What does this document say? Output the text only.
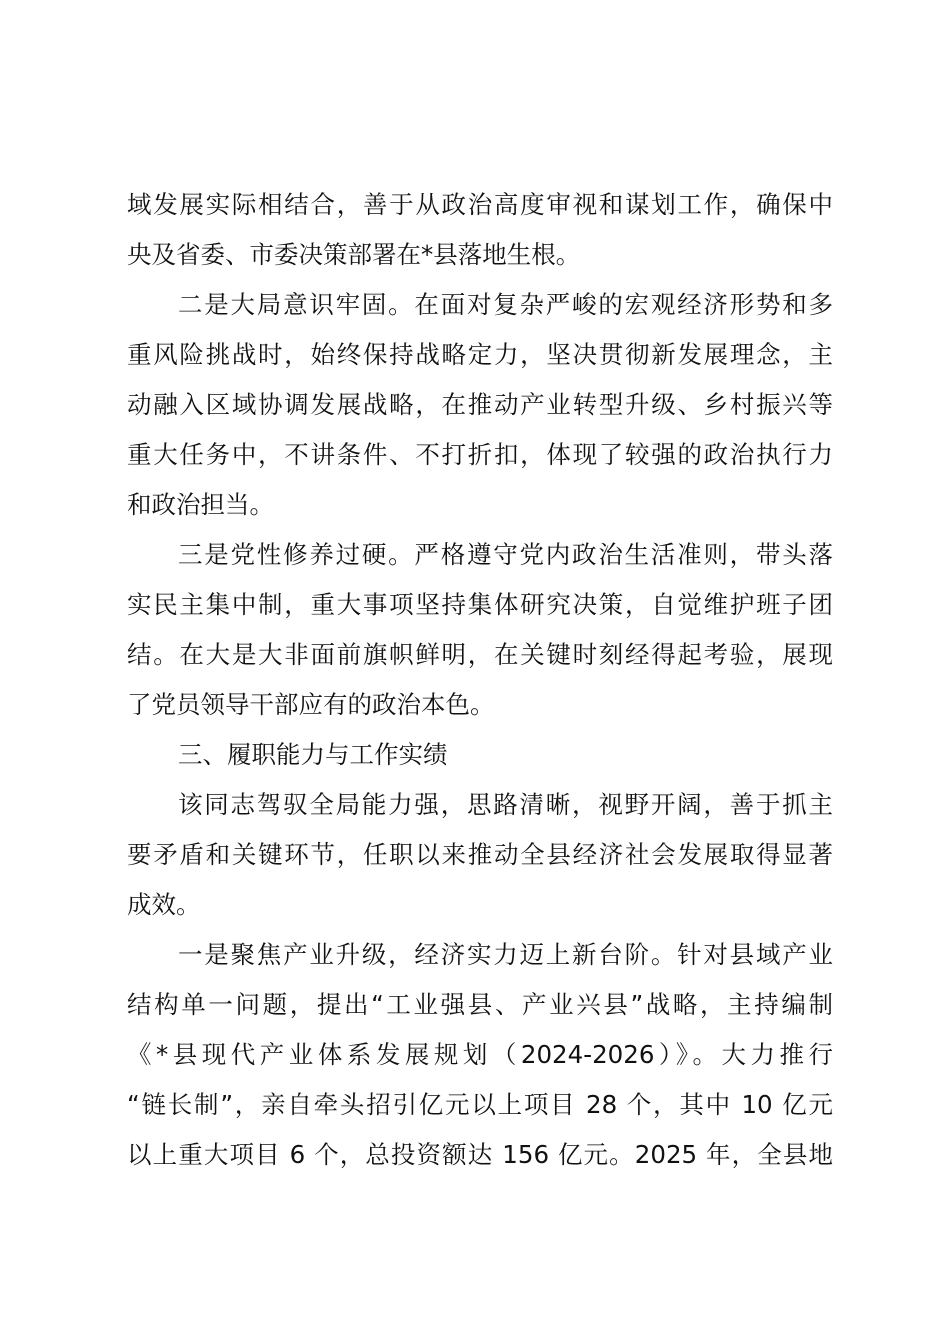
域发展实际相结合，善于从政治高度审视和谋划工作，确保中
央及省委、市委决策部署在*县落地生根。
二是大局意识牢固。在面对复杂严峻的宏观经济形势和多
重风险挑战时，始终保持战略定力，坚决贯彻新发展理念，主
动融入区域协调发展战略，在推动产业转型升级、乡村振兴等
重大任务中，不讲条件、不打折扣，体现了较强的政治执行力
和政治担当。
三是党性修养过硬。严格遵守党内政治生活准则，带头落
实民主集中制，重大事项坚持集体研究决策，自觉维护班子团
结。在大是大非面前旗帜鲜明，在关键时刻经得起考验，展现
了党员领导干部应有的政治本色。
三、履职能力与工作实绩
该同志驾驭全局能力强，思路清晰，视野开阔，善于抓主
要矛盾和关键环节，任职以来推动全县经济社会发展取得显著
成效。
一是聚焦产业升级，经济实力迈上新台阶。针对县域产业
结构单一问题，提出“工业强县、产业兴县”战略，主持编制
《*县现代产业体系发展规划（2024-2026）》。大力推行
“链长制”，亲自牵头招引亿元以上项目 28 个，其中 10 亿元
以上重大项目 6 个，总投资额达 156 亿元。2025 年，全县地
